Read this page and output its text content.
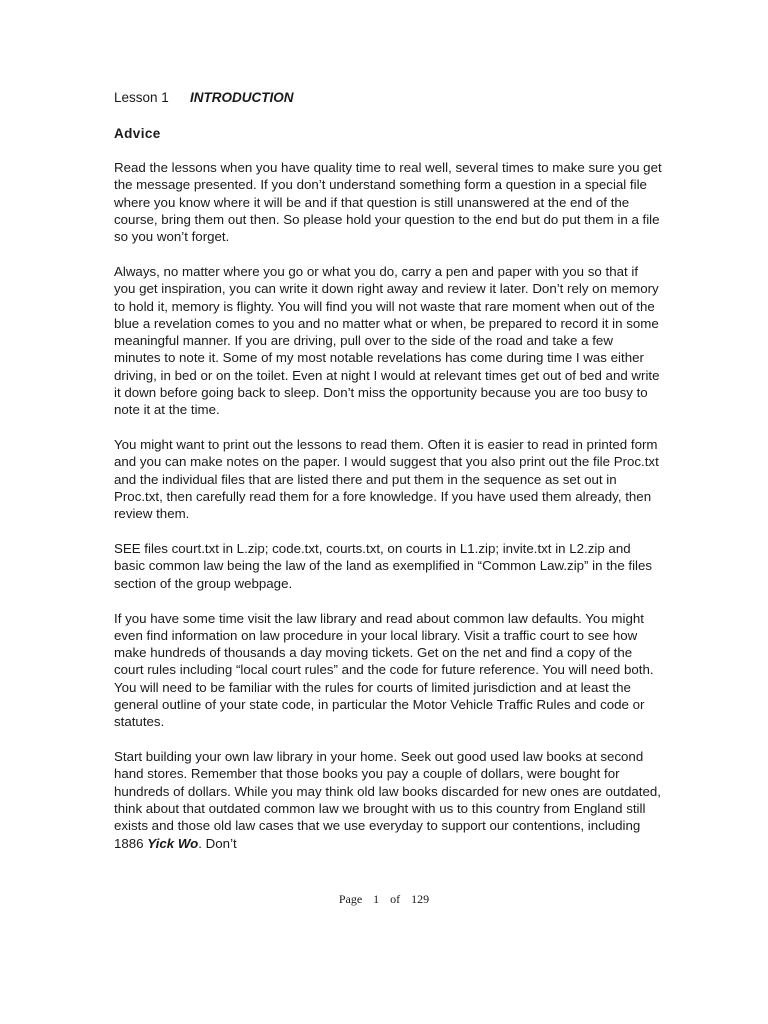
Lesson 1 INTRODUCTION
Advice

Read the lessons when you have quality time to real well, several times to make sure you get the message presented. If you don’t understand something form a question in a special file where you know where it will be and if that question is still unanswered at the end of the course, bring them out then. So please hold your question to the end but do put them in a file so you won’t forget.

Always, no matter where you go or what you do, carry a pen and paper with you so that if you get inspiration, you can write it down right away and review it later. Don’t rely on memory to hold it, memory is flighty. You will find you will not waste that rare moment when out of the blue a revelation comes to you and no matter what or when, be prepared to record it in some meaningful manner. If you are driving, pull over to the side of the road and take a few minutes to note it. Some of my most notable revelations has come during time I was either driving, in bed or on the toilet. Even at night I would at relevant times get out of bed and write it down before going back to sleep. Don’t miss the opportunity because you are too busy to note it at the time.

You might want to print out the lessons to read them. Often it is easier to read in printed form and you can make notes on the paper. I would suggest that you also print out the file Proc.txt and the individual files that are listed there and put them in the sequence as set out in Proc.txt, then carefully read them for a fore knowledge. If you have used them already, then review them.

SEE files court.txt in L.zip; code.txt, courts.txt, on courts in L1.zip; invite.txt in L2.zip and basic common law being the law of the land as exemplified in “Common Law.zip” in the files section of the group webpage.

If you have some time visit the law library and read about common law defaults. You might even find information on law procedure in your local library. Visit a traffic court to see how make hundreds of thousands a day moving tickets. Get on the net and find a copy of the court rules including “local court rules” and the code for future reference. You will need both. You will need to be familiar with the rules for courts of limited jurisdiction and at least the general outline of your state code, in particular the Motor Vehicle Traffic Rules and code or statutes.

Start building your own law library in your home. Seek out good used law books at second hand stores. Remember that those books you pay a couple of dollars, were bought for hundreds of dollars. While you may think old law books discarded for new ones are outdated, think about that outdated common law we brought with us to this country from England still exists and those old law cases that we use everyday to support our contentions, including 1886 Yick Wo. Don’t

Page 1 of 129
